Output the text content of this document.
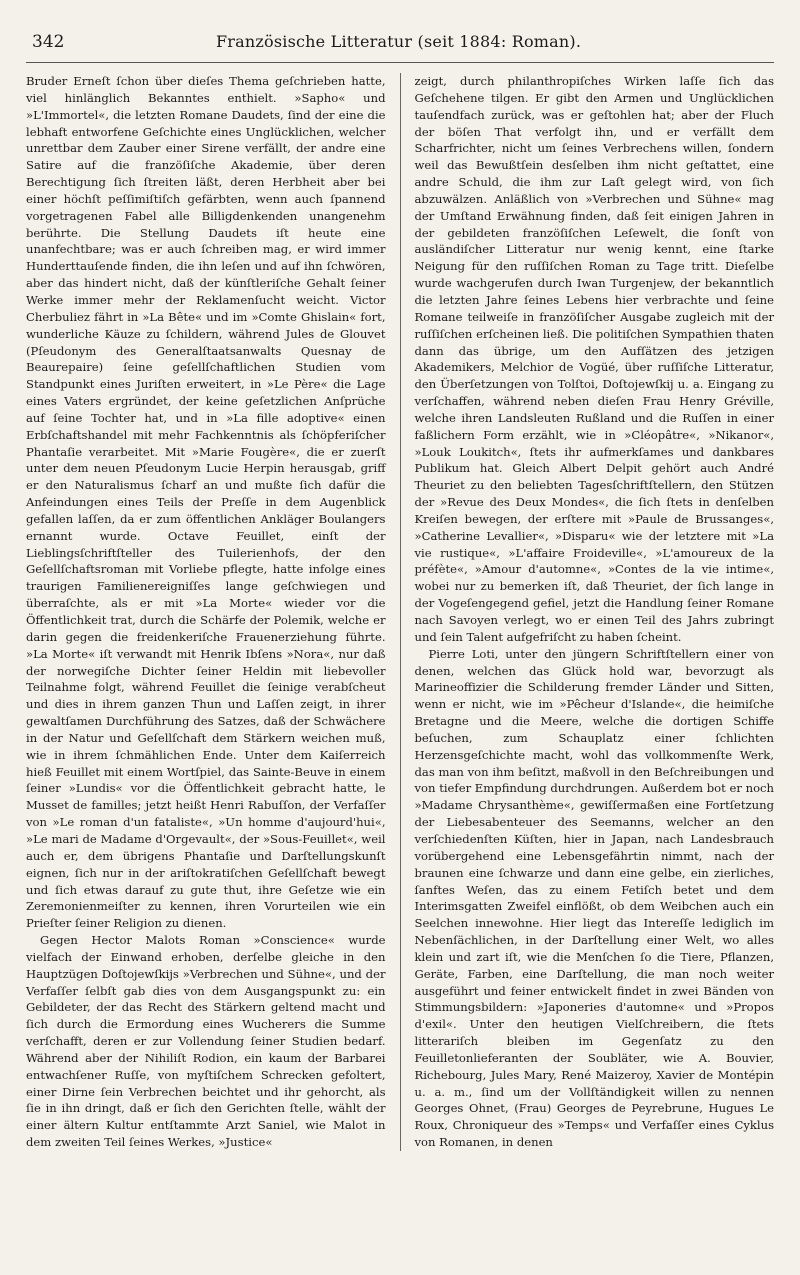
342	Französische Litteratur (seit 1884: Roman).

Bruder Erneſt ſchon über dieſes Thema geſchrieben hatte, viel hinlänglich Bekanntes enthielt. »Sapho« und »L'Immortel«, die letzten Romane Daudets, ſind der eine die lebhaft entworfene Geſchichte eines Unglücklichen, welcher unrettbar dem Zauber einer Sirene verfällt, der andre eine Satire auf die franzöſiſche Akademie, über deren Berechtigung ſich ſtreiten läßt, deren Herbheit aber bei einer höchſt peſſimiſtiſch gefärbten, wenn auch ſpannend vorgetragenen Fabel alle Billigdenkenden unangenehm berührte. Die Stellung Daudets iſt heute eine unanfechtbare; was er auch ſchreiben mag, er wird immer Hunderttauſende finden, die ihn leſen und auf ihn ſchwören, aber das hindert nicht, daß der künſtleriſche Gehalt ſeiner Werke immer mehr der Reklamenſucht weicht. Victor Cherbuliez fährt in »La Bête« und im »Comte Ghislain« fort, wunderliche Käuze zu ſchildern, während Jules de Glouvet (Pſeudonym des Generalſtaatsanwalts Quesnay de Beaurepaire) ſeine geſellſchaftlichen Studien vom Standpunkt eines Juriſten erweitert, in »Le Père« die Lage eines Vaters ergründet, der keine geſetzlichen Anſprüche auf ſeine Tochter hat, und in »La fille adoptive« einen Erbſchaftshandel mit mehr Fachkenntnis als ſchöpferiſcher Phantaſie verarbeitet. Mit »Marie Fougère«, die er zuerſt unter dem neuen Pſeudonym Lucie Herpin herausgab, griff er den Naturalismus ſcharf an und mußte ſich dafür die Anfeindungen eines Teils der Preſſe in dem Augenblick gefallen laſſen, da er zum öffentlichen Ankläger Boulangers ernannt wurde. Octave Feuillet, einſt der Lieblingsſchriftſteller des Tuilerienhofs, der den Geſellſchaftsroman mit Vorliebe pflegte, hatte infolge eines traurigen Familienereigniſſes lange geſchwiegen und überraſchte, als er mit »La Morte« wieder vor die Öffentlichkeit trat, durch die Schärfe der Polemik, welche er darin gegen die freidenkeriſche Frauenerziehung führte. »La Morte« iſt verwandt mit Henrik Ibſens »Nora«, nur daß der norwegiſche Dichter ſeiner Heldin mit liebevoller Teilnahme folgt, während Feuillet die ſeinige verabſcheut und dies in ihrem ganzen Thun und Laſſen zeigt, in ihrer gewaltſamen Durchführung des Satzes, daß der Schwächere in der Natur und Geſellſchaft dem Stärkern weichen muß, wie in ihrem ſchmählichen Ende. Unter dem Kaiſerreich hieß Feuillet mit einem Wortſpiel, das Sainte-Beuve in einem ſeiner »Lundis« vor die Öffentlichkeit gebracht hatte, le Musset de familles; jetzt heißt Henri Rabuſſon, der Verfaſſer von »Le roman d'un fataliste«, »Un homme d'aujourd'hui«, »Le mari de Madame d'Orgevault«, der »Sous-Feuillet«, weil auch er, dem übrigens Phantaſie und Darſtellungskunſt eignen, ſich nur in der ariſtokratiſchen Geſellſchaft bewegt und ſich etwas darauf zu gute thut, ihre Geſetze wie ein Zeremonienmeiſter zu kennen, ihren Vorurteilen wie ein Prieſter ſeiner Religion zu dienen.

Gegen Hector Malots Roman »Conscience« wurde vielfach der Einwand erhoben, derſelbe gleiche in den Hauptzügen Doſtojewſkijs »Verbrechen und Sühne«, und der Verfaſſer ſelbſt gab dies von dem Ausgangspunkt zu: ein Gebildeter, der das Recht des Stärkern geltend macht und ſich durch die Ermordung eines Wucherers die Summe verſchafft, deren er zur Vollendung ſeiner Studien bedarf. Während aber der Nihiliſt Rodion, ein kaum der Barbarei entwachſener Ruſſe, von myſtiſchem Schrecken gefoltert, einer Dirne ſein Verbrechen beichtet und ihr gehorcht, als ſie in ihn dringt, daß er ſich den Gerichten ſtelle, wählt der einer ältern Kultur entſtammte Arzt Saniel, wie Malot in dem zweiten Teil ſeines Werkes, »Justice«

zeigt, durch philanthropiſches Wirken laſſe ſich das Geſchehene tilgen. Er gibt den Armen und Unglücklichen tauſendfach zurück, was er geſtohlen hat; aber der Fluch der böſen That verfolgt ihn, und er verfällt dem Scharfrichter, nicht um ſeines Verbrechens willen, ſondern weil das Bewußtſein desſelben ihm nicht geſtattet, eine andre Schuld, die ihm zur Laſt gelegt wird, von ſich abzuwälzen. Anläßlich von »Verbrechen und Sühne« mag der Umſtand Erwähnung finden, daß ſeit einigen Jahren in der gebildeten franzöſiſchen Leſewelt, die ſonſt von ausländiſcher Litteratur nur wenig kennt, eine ſtarke Neigung für den ruſſiſchen Roman zu Tage tritt. Dieſelbe wurde wachgerufen durch Iwan Turgenjew, der bekanntlich die letzten Jahre ſeines Lebens hier verbrachte und ſeine Romane teilweiſe in franzöſiſcher Ausgabe zugleich mit der ruſſiſchen erſcheinen ließ. Die politiſchen Sympathien thaten dann das übrige, um den Aufſätzen des jetzigen Akademikers, Melchior de Vogüé, über ruſſiſche Litteratur, den Überſetzungen von Tolſtoi, Doſtojewſkij u. a. Eingang zu verſchaffen, während neben dieſen Frau Henry Gréville, welche ihren Landsleuten Rußland und die Ruſſen in einer faßlichern Form erzählt, wie in »Cléopâtre«, »Nikanor«, »Louk Loukitch«, ſtets ihr aufmerkſames und dankbares Publikum hat. Gleich Albert Delpit gehört auch André Theuriet zu den beliebten Tagesſchriftſtellern, den Stützen der »Revue des Deux Mondes«, die ſich ſtets in denſelben Kreiſen bewegen, der erſtere mit »Paule de Brussanges«, »Catherine Levallier«, »Disparu« wie der letztere mit »La vie rustique«, »L'affaire Froideville«, »L'amoureux de la préfète«, »Amour d'automne«, »Contes de la vie intime«, wobei nur zu bemerken iſt, daß Theuriet, der ſich lange in der Vogeſengegend gefiel, jetzt die Handlung ſeiner Romane nach Savoyen verlegt, wo er einen Teil des Jahrs zubringt und ſein Talent aufgefriſcht zu haben ſcheint.

Pierre Loti, unter den jüngern Schriftſtellern einer von denen, welchen das Glück hold war, bevorzugt als Marineoffizier die Schilderung fremder Länder und Sitten, wenn er nicht, wie im »Pêcheur d'Islande«, die heimiſche Bretagne und die Meere, welche die dortigen Schiffe beſuchen, zum Schauplatz einer ſchlichten Herzensgeſchichte macht, wohl das vollkommenſte Werk, das man von ihm beſitzt, maßvoll in den Beſchreibungen und von tiefer Empfindung durchdrungen. Außerdem bot er noch »Madame Chrysanthème«, gewiſſermaßen eine Fortſetzung der Liebesabenteuer des Seemanns, welcher an den verſchiedenſten Küſten, hier in Japan, nach Landesbrauch vorübergehend eine Lebensgefährtin nimmt, nach der braunen eine ſchwarze und dann eine gelbe, ein zierliches, ſanftes Weſen, das zu einem Fetiſch betet und dem Interimsgatten Zweifel einflößt, ob dem Weibchen auch ein Seelchen innewohne. Hier liegt das Intereſſe lediglich im Nebenſächlichen, in der Darſtellung einer Welt, wo alles klein und zart iſt, wie die Menſchen ſo die Tiere, Pflanzen, Geräte, Farben, eine Darſtellung, die man noch weiter ausgeführt und feiner entwickelt findet in zwei Bänden von Stimmungsbildern: »Japoneries d'automne« und »Propos d'exil«. Unter den heutigen Vielſchreibern, die ſtets litterariſch bleiben im Gegenſatz zu den Feuilletonlieferanten der Soubläter, wie A. Bouvier, Richebourg, Jules Mary, René Maizeroy, Xavier de Montépin u. a. m., ſind um der Vollſtändigkeit willen zu nennen Georges Ohnet, (Frau) Georges de Peyrebrune, Hugues Le Roux, Chroniqueur des »Temps« und Verfaſſer eines Cyklus von Romanen, in denen
